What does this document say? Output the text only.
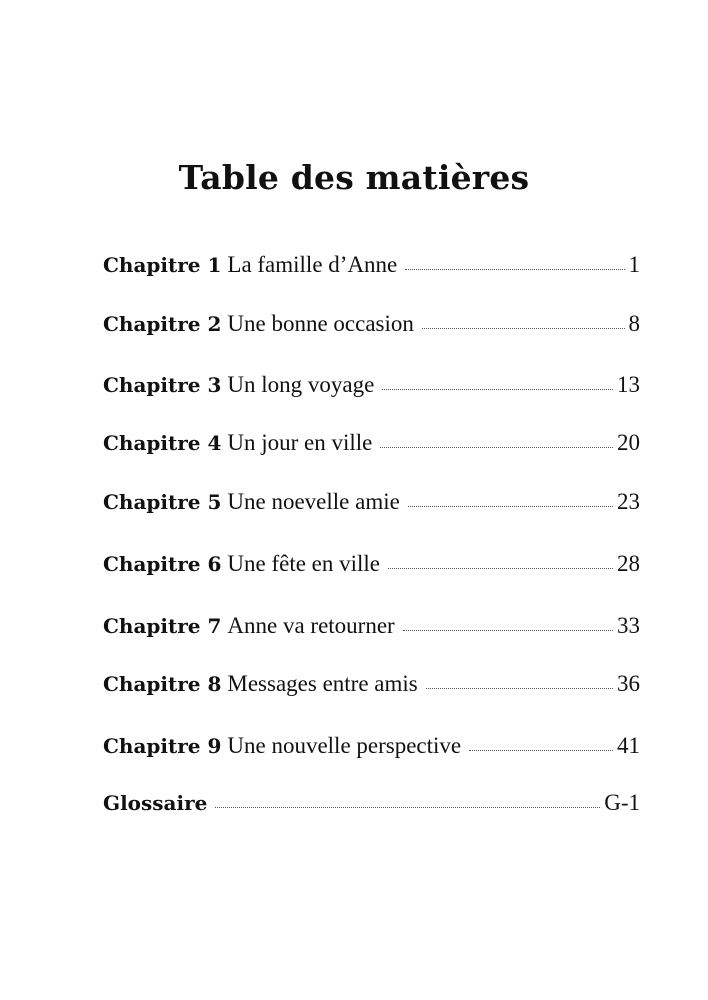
Table des matières
Chapitre 1 La famille d’Anne	1
Chapitre 2 Une bonne occasion	8
Chapitre 3 Un long voyage	13
Chapitre 4 Un jour en ville	20
Chapitre 5 Une noevelle amie	23
Chapitre 6 Une fête en ville	28
Chapitre 7 Anne va retourner	33
Chapitre 8 Messages entre amis	36
Chapitre 9 Une nouvelle perspective	41
Glossaire	G-1
